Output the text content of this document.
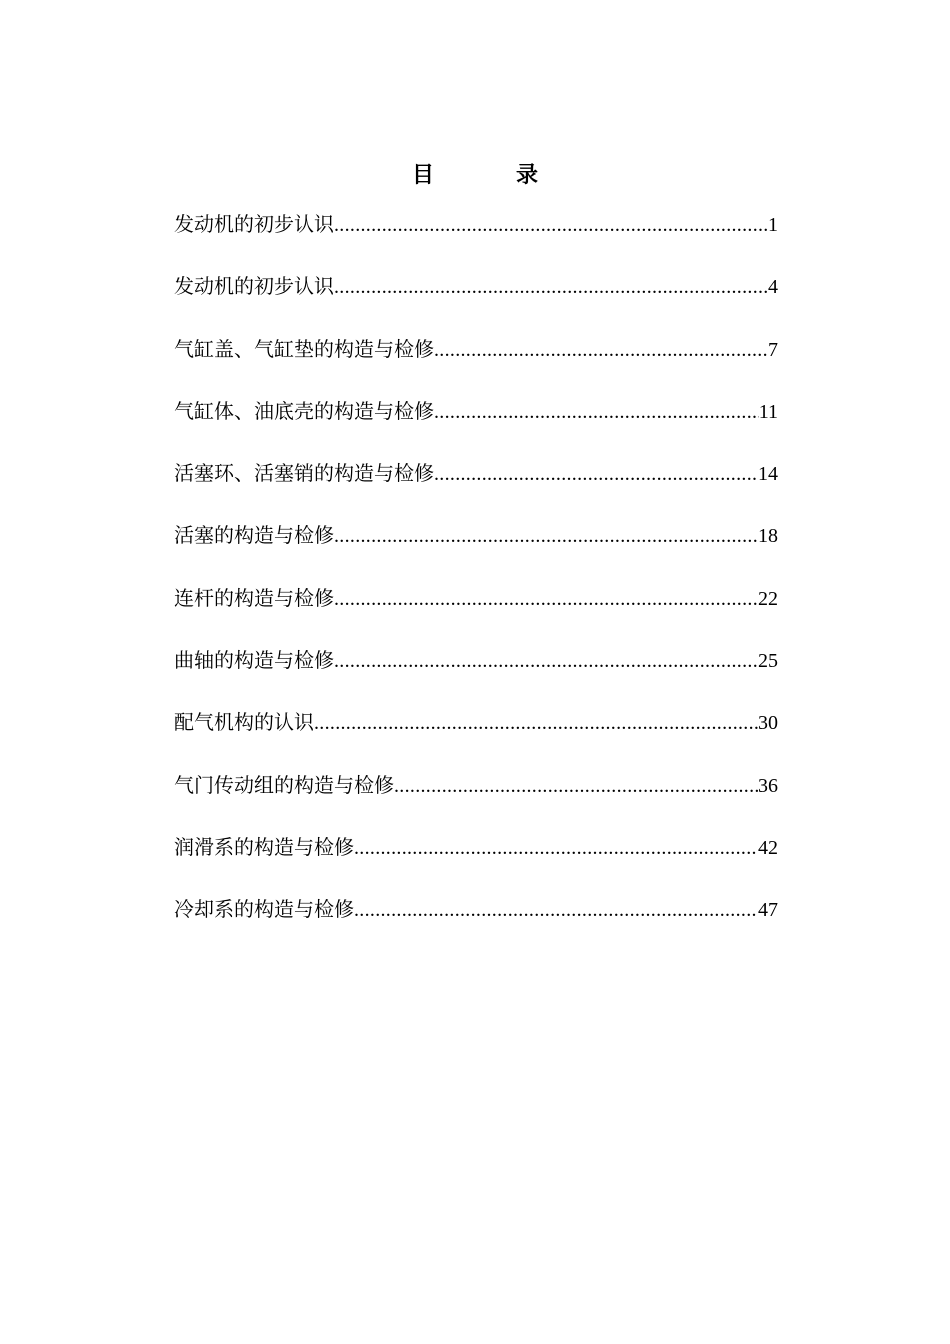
目　录
发动机的初步认识 .....	1
发动机的初步认识 .....	4
气缸盖、气缸垫的构造与检修 .....	7
气缸体、油底壳的构造与检修 .....	11
活塞环、活塞销的构造与检修 .....	14
活塞的构造与检修 .....	18
连杆的构造与检修 .....	22
曲轴的构造与检修 .....	25
配气机构的认识 .....	30
气门传动组的构造与检修 .....	36
润滑系的构造与检修 .....	42
冷却系的构造与检修 .....	47
